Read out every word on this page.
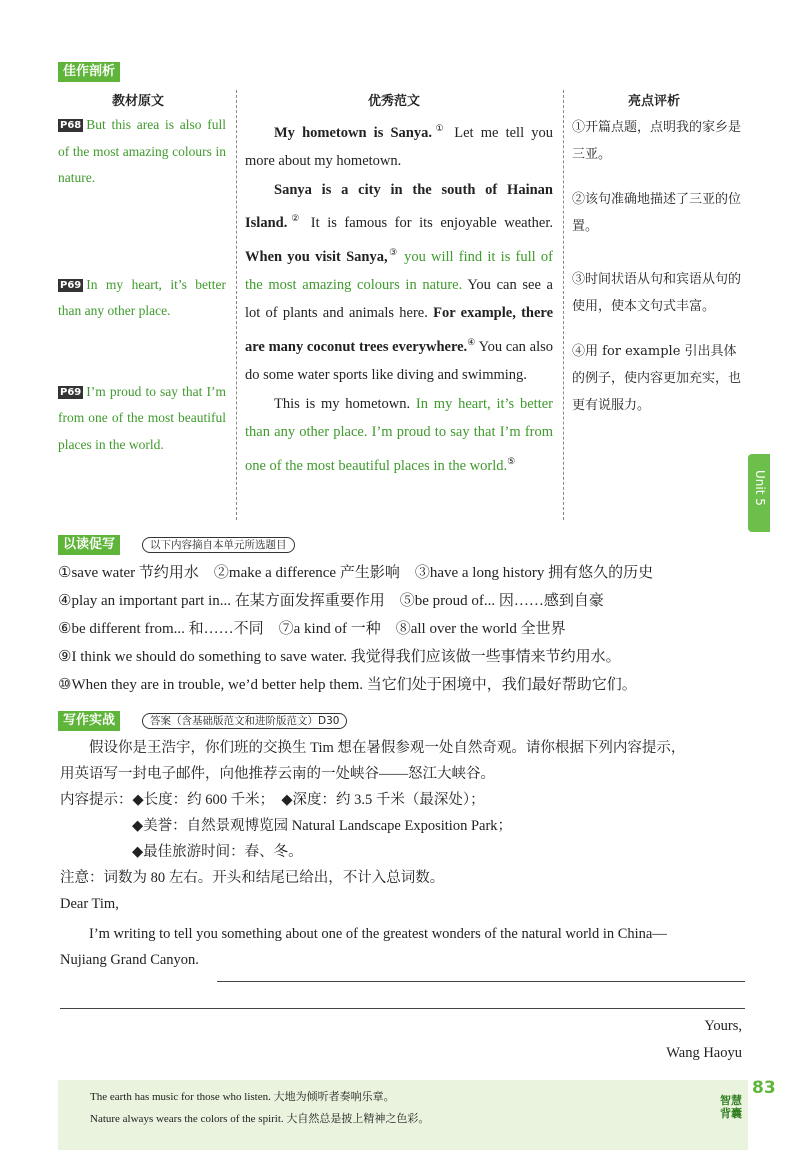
佳作剖析
教材原文	优秀范文	亮点评析

P68 But this area is also full of the most amazing colours in nature.

P69 In my heart, it’s better than any other place.

P69 I’m proud to say that I’m from one of the most beautiful places in the world.

My hometown is Sanya.① Let me tell you more about my hometown.

Sanya is a city in the south of Hainan Island.② It is famous for its enjoyable weather. When you visit Sanya,③ you will find it is full of the most amazing colours in nature. You can see a lot of plants and animals here. For example, there are many coconut trees everywhere.④ You can also do some water sports like diving and swimming.

This is my hometown. In my heart, it’s better than any other place. I’m proud to say that I’m from one of the most beautiful places in the world.⑤

①开篇点题，点明我的家乡是三亚。

②该句准确地描述了三亚的位置。

③时间状语从句和宾语从句的使用，使本文句式丰富。

④用 for example 引出具体的例子，使内容更加充实，也更有说服力。

Unit 5
以读促写	以下内容摘自本单元所选题目
①save water 节约用水　②make a difference 产生影响　③have a long history 拥有悠久的历史
④play an important part in... 在某方面发挥重要作用　⑤be proud of... 因……感到自豪
⑥be different from... 和……不同　⑦a kind of 一种　⑧all over the world 全世界
⑨I think we should do something to save water. 我觉得我们应该做一些事情来节约用水。
⑩When they are in trouble, we’d better help them. 当它们处于困境中，我们最好帮助它们。
写作实战	答案（含基础版范文和进阶版范文）D30

假设你是王浩宇，你们班的交换生 Tim 想在暑假参观一处自然奇观。请你根据下列内容提示，

用英语写一封电子邮件，向他推荐云南的一处峡谷——怒江大峡谷。

内容提示：◆长度：约 600 千米；　◆深度：约 3.5 千米（最深处）；

◆美誉：自然景观博览园 Natural Landscape Exposition Park；

◆最佳旅游时间：春、冬。

注意：词数为 80 左右。开头和结尾已给出，不计入总词数。

Dear Tim,

I’m writing to tell you something about one of the greatest wonders of the natural world in China—

Nujiang Grand Canyon.

Yours,
Wang Haoyu

The earth has music for those who listen. 大地为倾听者奏响乐章。

Nature always wears the colors of the spirit. 大自然总是披上精神之色彩。

83
智慧
背囊
